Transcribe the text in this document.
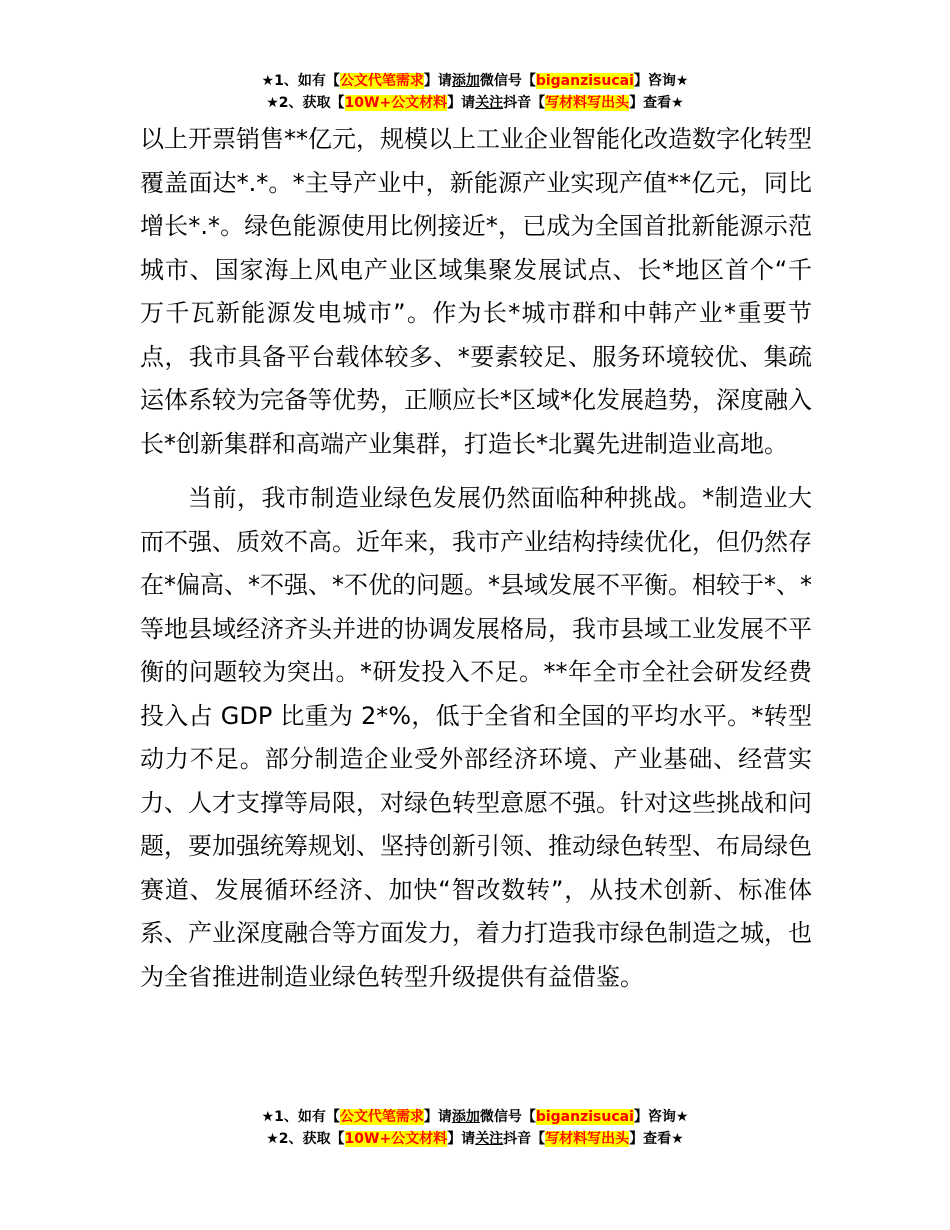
★1、如有【公文代笔需求】请添加微信号【biganzisucai】咨询★
★2、获取【10W+公文材料】请关注抖音【写材料写出头】查看★

以上开票销售**亿元，规模以上工业企业智能化改造数字化转型覆盖面达*.*。*主导产业中，新能源产业实现产值**亿元，同比增长*.*。绿色能源使用比例接近*，已成为全国首批新能源示范城市、国家海上风电产业区域集聚发展试点、长*地区首个“千万千瓦新能源发电城市”。作为长*城市群和中韩产业*重要节点，我市具备平台载体较多、*要素较足、服务环境较优、集疏运体系较为完备等优势，正顺应长*区域*化发展趋势，深度融入长*创新集群和高端产业集群，打造长*北翼先进制造业高地。

当前，我市制造业绿色发展仍然面临种种挑战。*制造业大而不强、质效不高。近年来，我市产业结构持续优化，但仍然存在*偏高、*不强、*不优的问题。*县域发展不平衡。相较于*、*等地县域经济齐头并进的协调发展格局，我市县域工业发展不平衡的问题较为突出。*研发投入不足。**年全市全社会研发经费投入占 GDP 比重为 2*%，低于全省和全国的平均水平。*转型动力不足。部分制造企业受外部经济环境、产业基础、经营实力、人才支撑等局限，对绿色转型意愿不强。针对这些挑战和问题，要加强统筹规划、坚持创新引领、推动绿色转型、布局绿色赛道、发展循环经济、加快“智改数转”，从技术创新、标准体系、产业深度融合等方面发力，着力打造我市绿色制造之城，也为全省推进制造业绿色转型升级提供有益借鉴。

★1、如有【公文代笔需求】请添加微信号【biganzisucai】咨询★
★2、获取【10W+公文材料】请关注抖音【写材料写出头】查看★
